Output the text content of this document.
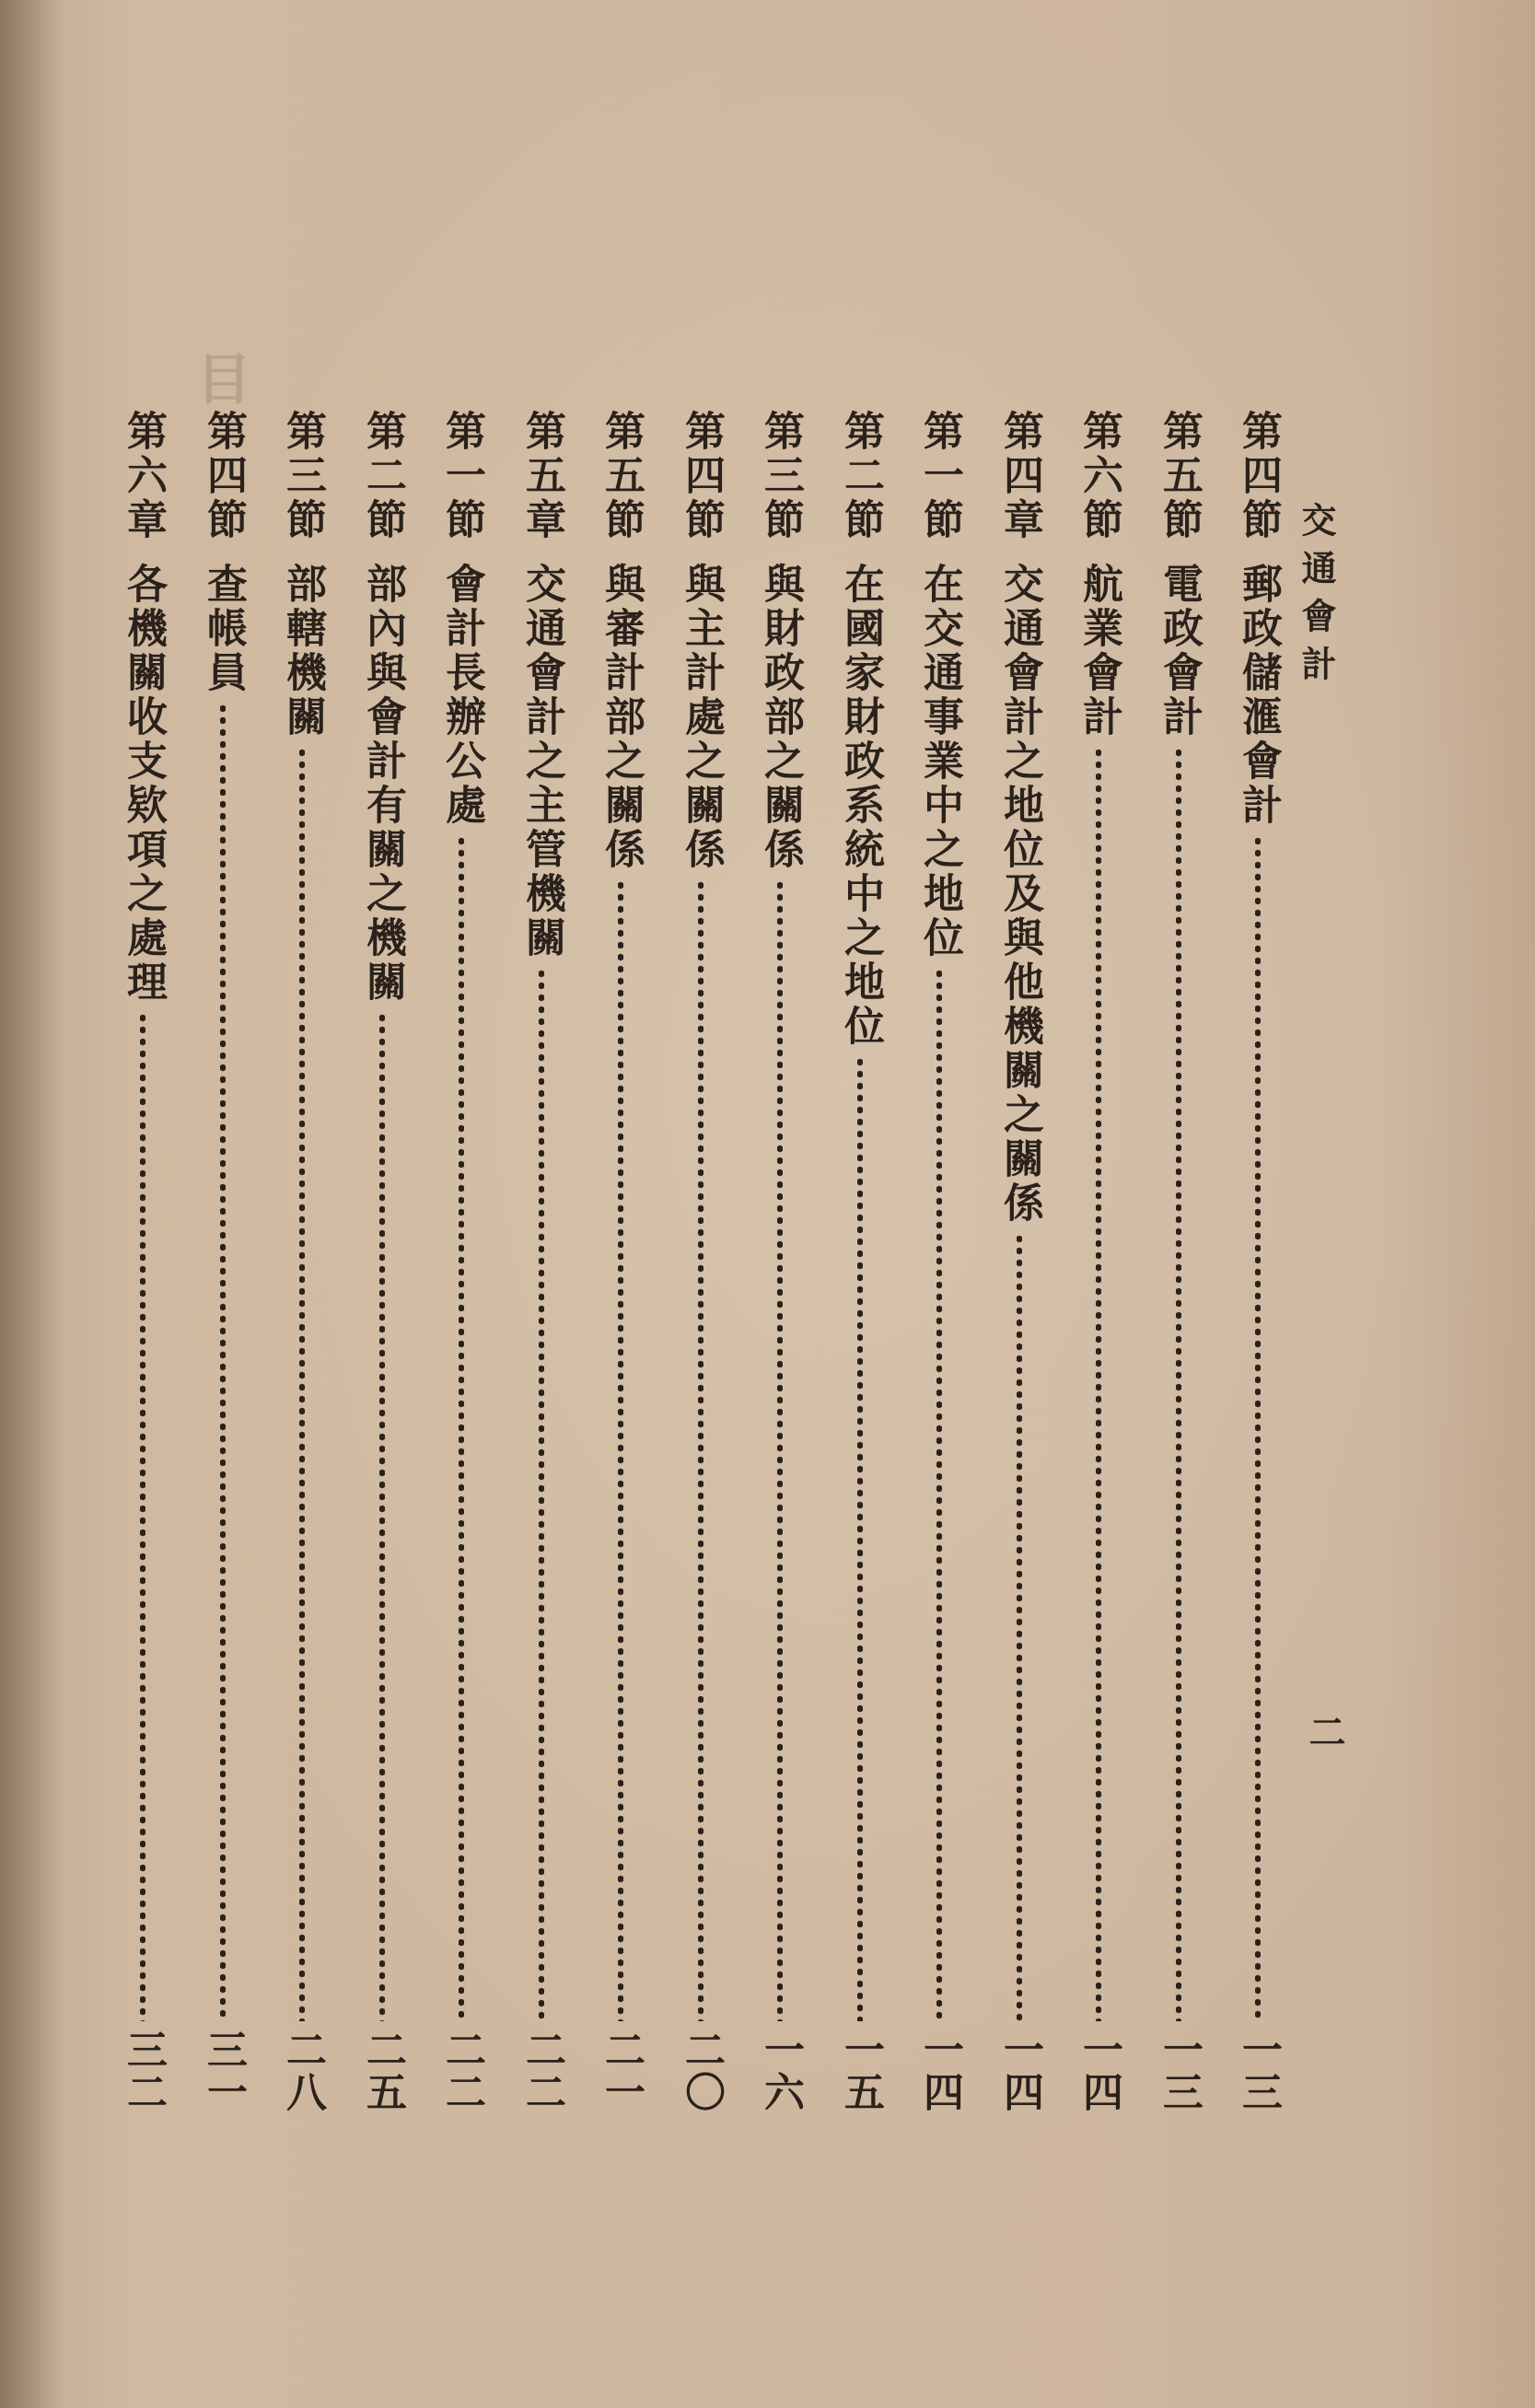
目
交通會計
二
第四節
郵政儲滙會計
一三
第五節
電政會計
一三
第六節
航業會計
一四
第四章
交通會計之地位及與他機關之關係
一四
第一節
在交通事業中之地位
一四
第二節
在國家財政系統中之地位
一五
第三節
與財政部之關係
一六
第四節
與主計處之關係
二〇
第五節
與審計部之關係
二一
第五章
交通會計之主管機關
二二
第一節
會計長辦公處
二二
第二節
部內與會計有關之機關
二五
第三節
部轄機關
二八
第四節
查帳員
三一
第六章
各機關收支欵項之處理
三二
